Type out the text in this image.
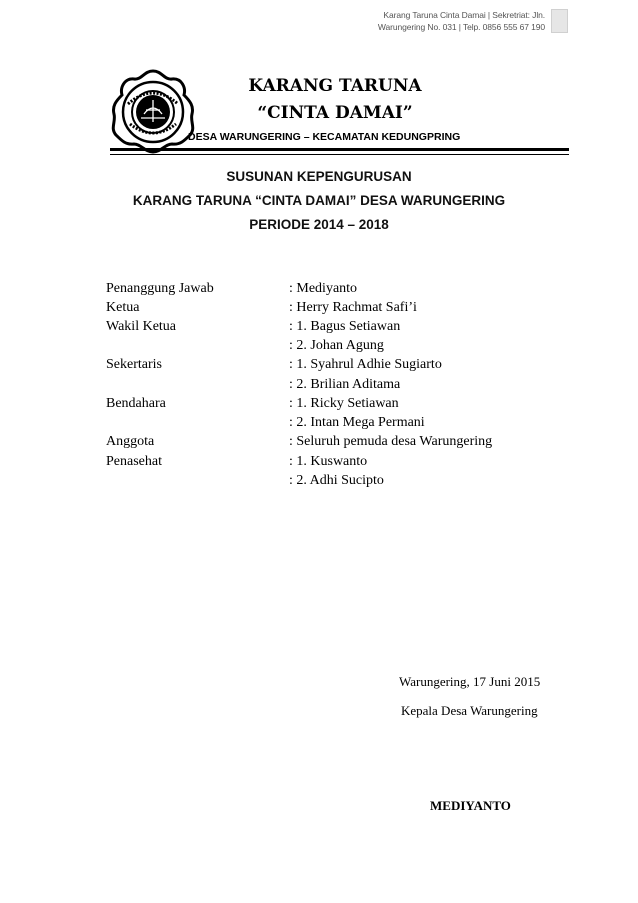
Karang Taruna Cinta Damai | Sekretriat: Jln.
Warungering No. 031 | Telp. 0856 555 67 190
KARANG TARUNA
“CINTA DAMAI”
DESA WARUNGERING – KECAMATAN KEDUNGPRING
SUSUNAN KEPENGURUSAN
KARANG TARUNA “CINTA DAMAI” DESA WARUNGERING
PERIODE 2014 – 2018
Penanggung Jawab	: Mediyanto
Ketua	: Herry Rachmat Safi’i
Wakil Ketua	: 1. Bagus Setiawan
: 2. Johan Agung
Sekertaris	: 1. Syahrul Adhie Sugiarto
: 2. Brilian Aditama
Bendahara	: 1. Ricky Setiawan
: 2. Intan Mega Permani
Anggota	: Seluruh pemuda desa Warungering
Penasehat	: 1. Kuswanto
: 2. Adhi Sucipto
Warungering, 17 Juni 2015
Kepala Desa Warungering
MEDIYANTO
